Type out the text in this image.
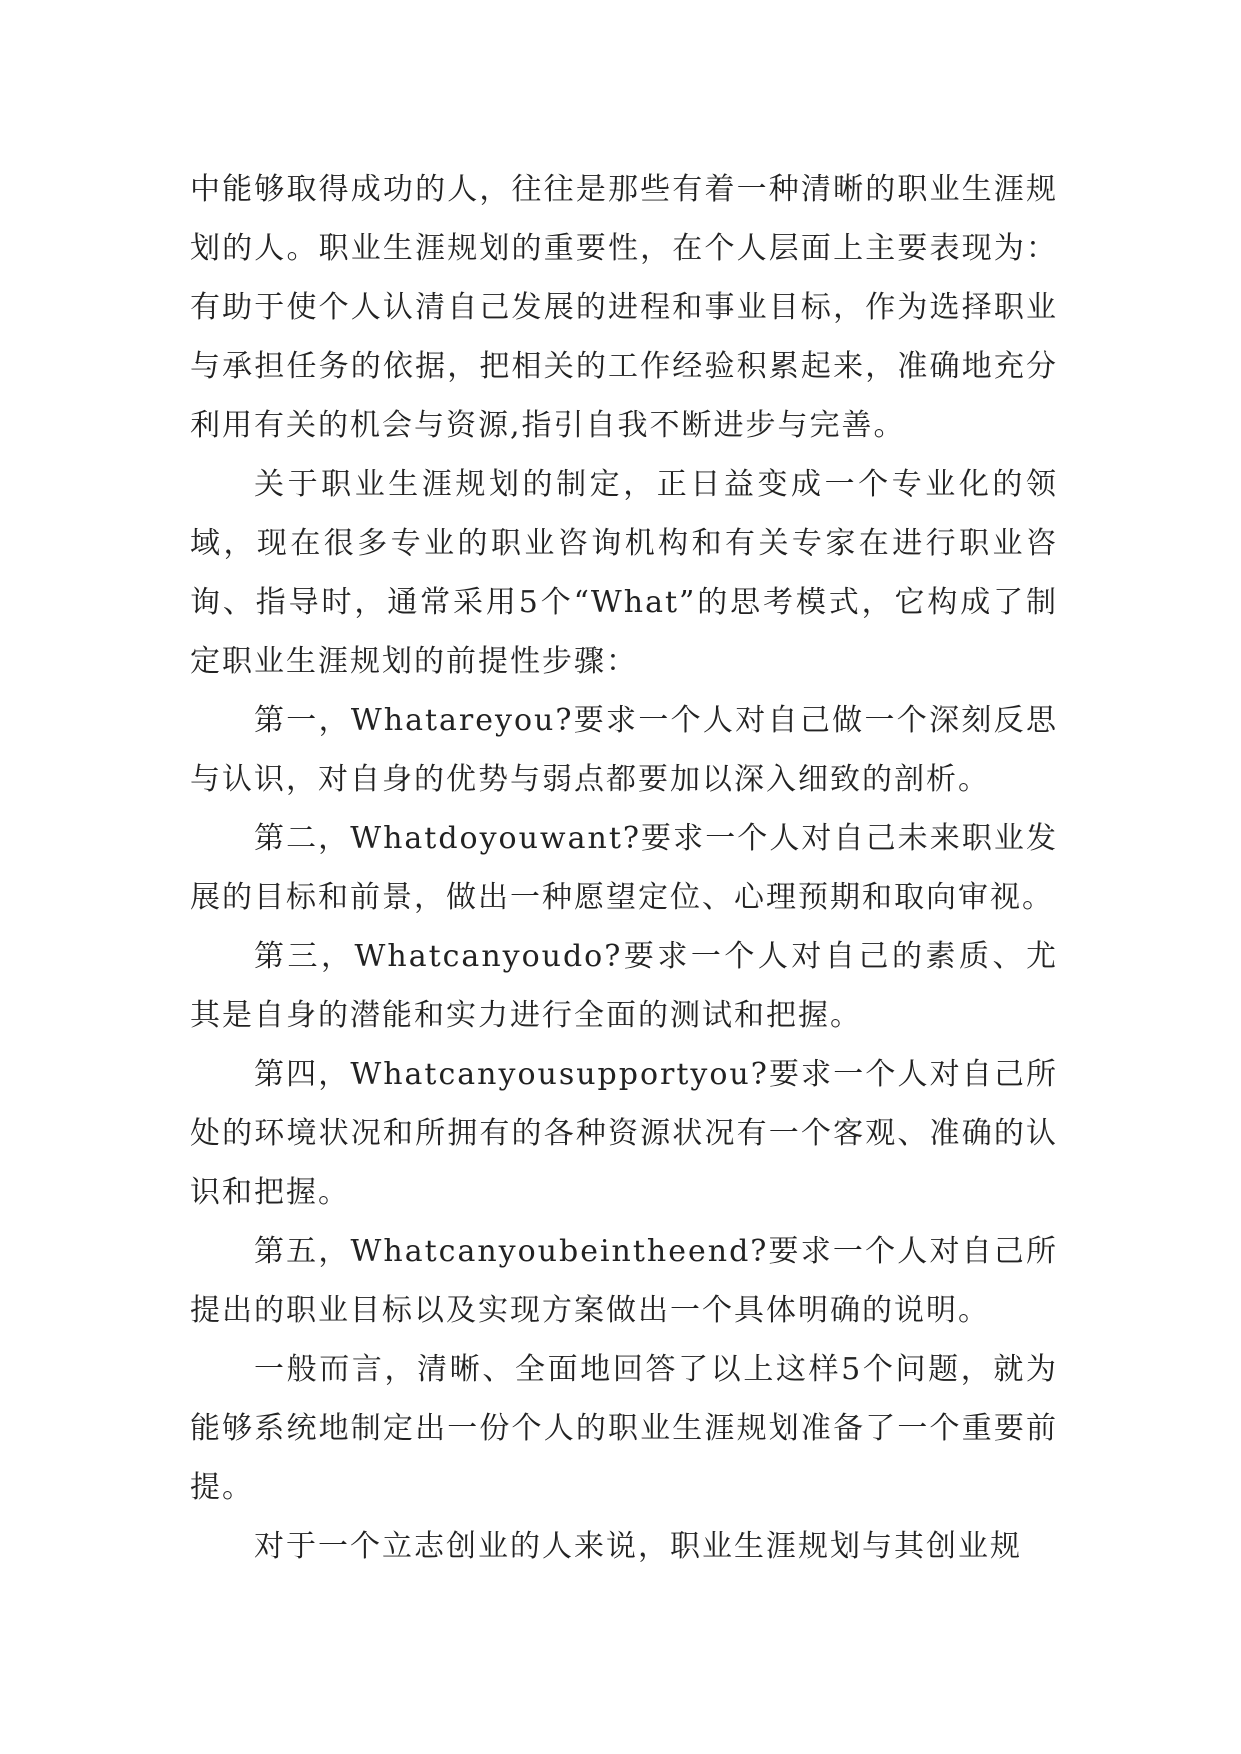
中能够取得成功的人，往往是那些有着一种清晰的职业生涯规划的人。职业生涯规划的重要性，在个人层面上主要表现为：有助于使个人认清自己发展的进程和事业目标，作为选择职业与承担任务的依据，把相关的工作经验积累起来，准确地充分利用有关的机会与资源,指引自我不断进步与完善。

关于职业生涯规划的制定，正日益变成一个专业化的领域，现在很多专业的职业咨询机构和有关专家在进行职业咨询、指导时，通常采用5个“What”的思考模式，它构成了制定职业生涯规划的前提性步骤：

第一，Whatareyou?要求一个人对自己做一个深刻反思与认识，对自身的优势与弱点都要加以深入细致的剖析。

第二，Whatdoyouwant?要求一个人对自己未来职业发展的目标和前景，做出一种愿望定位、心理预期和取向审视。

第三，Whatcanyoudo?要求一个人对自己的素质、尤其是自身的潜能和实力进行全面的测试和把握。

第四，Whatcanyousupportyou?要求一个人对自己所处的环境状况和所拥有的各种资源状况有一个客观、准确的认识和把握。

第五，Whatcanyoubeintheend?要求一个人对自己所提出的职业目标以及实现方案做出一个具体明确的说明。

一般而言，清晰、全面地回答了以上这样5个问题，就为能够系统地制定出一份个人的职业生涯规划准备了一个重要前提。

对于一个立志创业的人来说，职业生涯规划与其创业规
